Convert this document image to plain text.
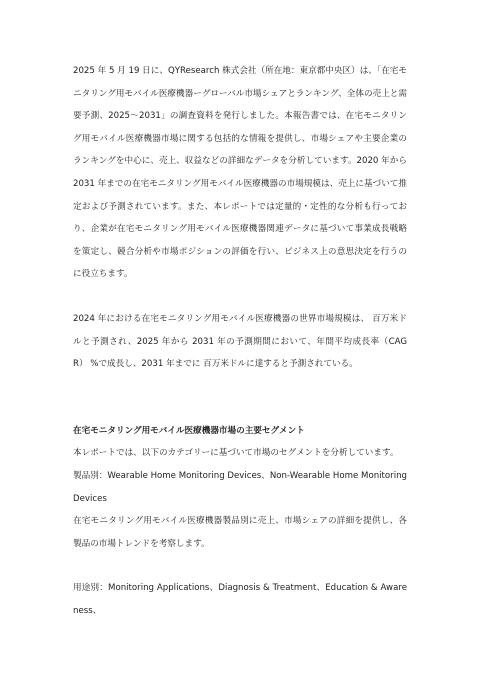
2025 年 5 月 19 日に、QYResearch 株式会社（所在地：東京都中央区）は、「在宅モニタリング用モバイル医療機器ーグローバル市場シェアとランキング、全体の売上と需要予測、2025～2031」の調査資料を発行しました。本報告書では、在宅モニタリング用モバイル医療機器市場に関する包括的な情報を提供し、市場シェアや主要企業のランキングを中心に、売上、収益などの詳細なデータを分析しています。2020 年から 2031 年までの在宅モニタリング用モバイル医療機器の市場規模は、売上に基づいて推定および予測されています。また、本レポートでは定量的・定性的な分析も行っており、企業が在宅モニタリング用モバイル医療機器関連データに基づいて事業成長戦略を策定し、競合分析や市場ポジションの評価を行い、ビジネス上の意思決定を行うのに役立ちます。

2024 年における在宅モニタリング用モバイル医療機器の世界市場規模は、 百万米ドルと予測され、2025 年から 2031 年の予測期間において、年間平均成長率（CAGR） %で成長し、2031 年までに 百万米ドルに達すると予測されている。

在宅モニタリング用モバイル医療機器市場の主要セグメント

本レポートでは、以下のカテゴリーに基づいて市場のセグメントを分析しています。

製品別：Wearable Home Monitoring Devices、Non-Wearable Home Monitoring Devices

在宅モニタリング用モバイル医療機器製品別に売上、市場シェアの詳細を提供し、各製品の市場トレンドを考察します。

用途別：Monitoring Applications、Diagnosis & Treatment、Education & Awareness、
